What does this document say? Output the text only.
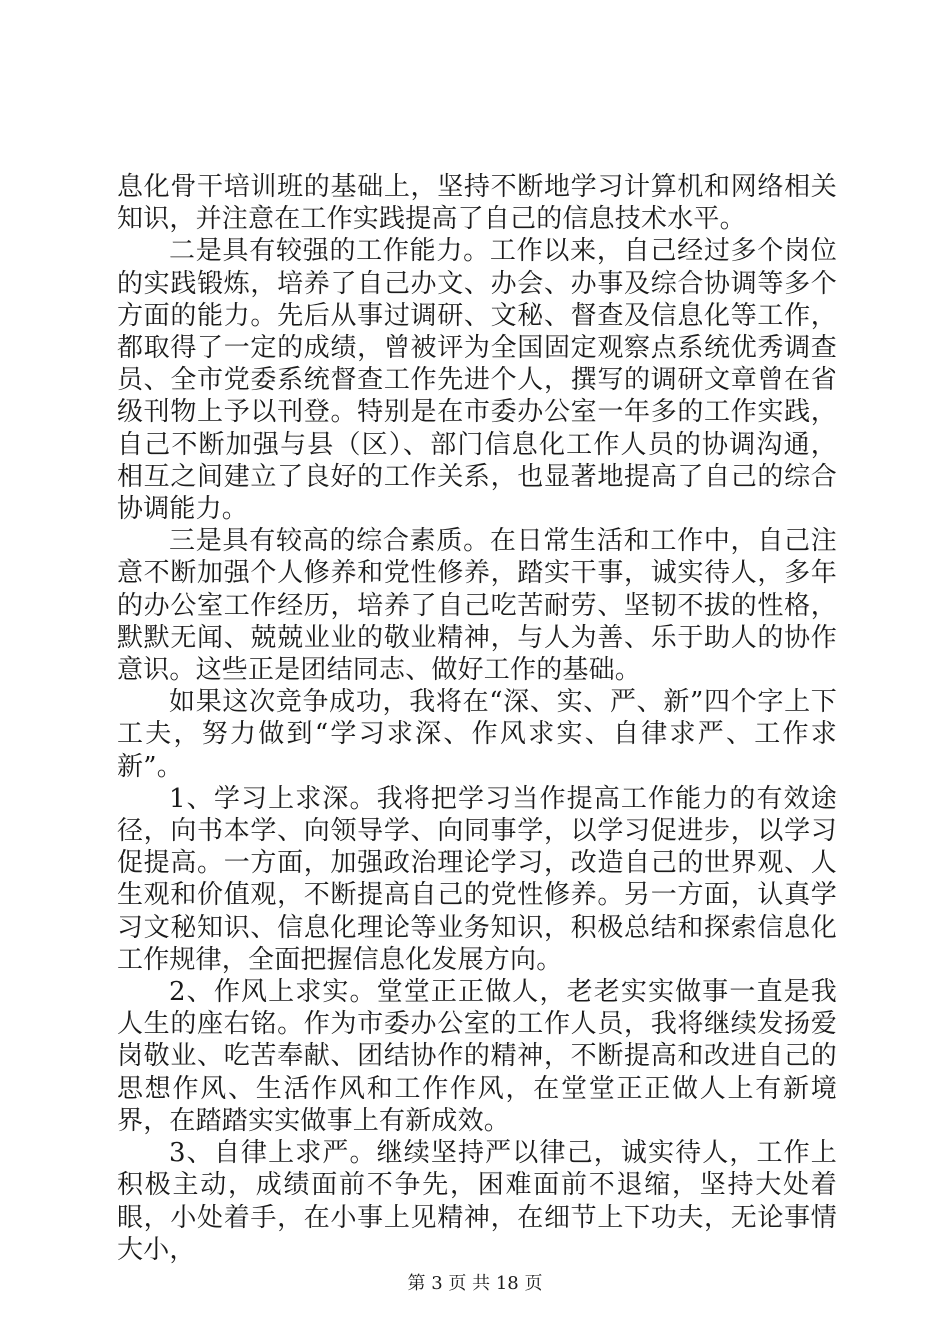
息化骨干培训班的基础上，坚持不断地学习计算机和网络相关知识，并注意在工作实践提高了自己的信息技术水平。

二是具有较强的工作能力。工作以来，自己经过多个岗位的实践锻炼，培养了自己办文、办会、办事及综合协调等多个方面的能力。先后从事过调研、文秘、督查及信息化等工作，都取得了一定的成绩，曾被评为全国固定观察点系统优秀调查员、全市党委系统督查工作先进个人，撰写的调研文章曾在省级刊物上予以刊登。特别是在市委办公室一年多的工作实践，自己不断加强与县（区）、部门信息化工作人员的协调沟通，相互之间建立了良好的工作关系，也显著地提高了自己的综合协调能力。

三是具有较高的综合素质。在日常生活和工作中，自己注意不断加强个人修养和党性修养，踏实干事，诚实待人，多年的办公室工作经历，培养了自己吃苦耐劳、坚韧不拔的性格，默默无闻、兢兢业业的敬业精神，与人为善、乐于助人的协作意识。这些正是团结同志、做好工作的基础。

如果这次竞争成功，我将在“深、实、严、新”四个字上下工夫，努力做到“学习求深、作风求实、自律求严、工作求新”。

1、学习上求深。我将把学习当作提高工作能力的有效途径，向书本学、向领导学、向同事学，以学习促进步，以学习促提高。一方面，加强政治理论学习，改造自己的世界观、人生观和价值观，不断提高自己的党性修养。另一方面，认真学习文秘知识、信息化理论等业务知识，积极总结和探索信息化工作规律，全面把握信息化发展方向。

2、作风上求实。堂堂正正做人，老老实实做事一直是我人生的座右铭。作为市委办公室的工作人员，我将继续发扬爱岗敬业、吃苦奉献、团结协作的精神，不断提高和改进自己的思想作风、生活作风和工作作风，在堂堂正正做人上有新境界，在踏踏实实做事上有新成效。

3、自律上求严。继续坚持严以律己，诚实待人，工作上积极主动，成绩面前不争先，困难面前不退缩，坚持大处着眼，小处着手，在小事上见精神，在细节上下功夫，无论事情大小，

第 3 页 共 18 页
